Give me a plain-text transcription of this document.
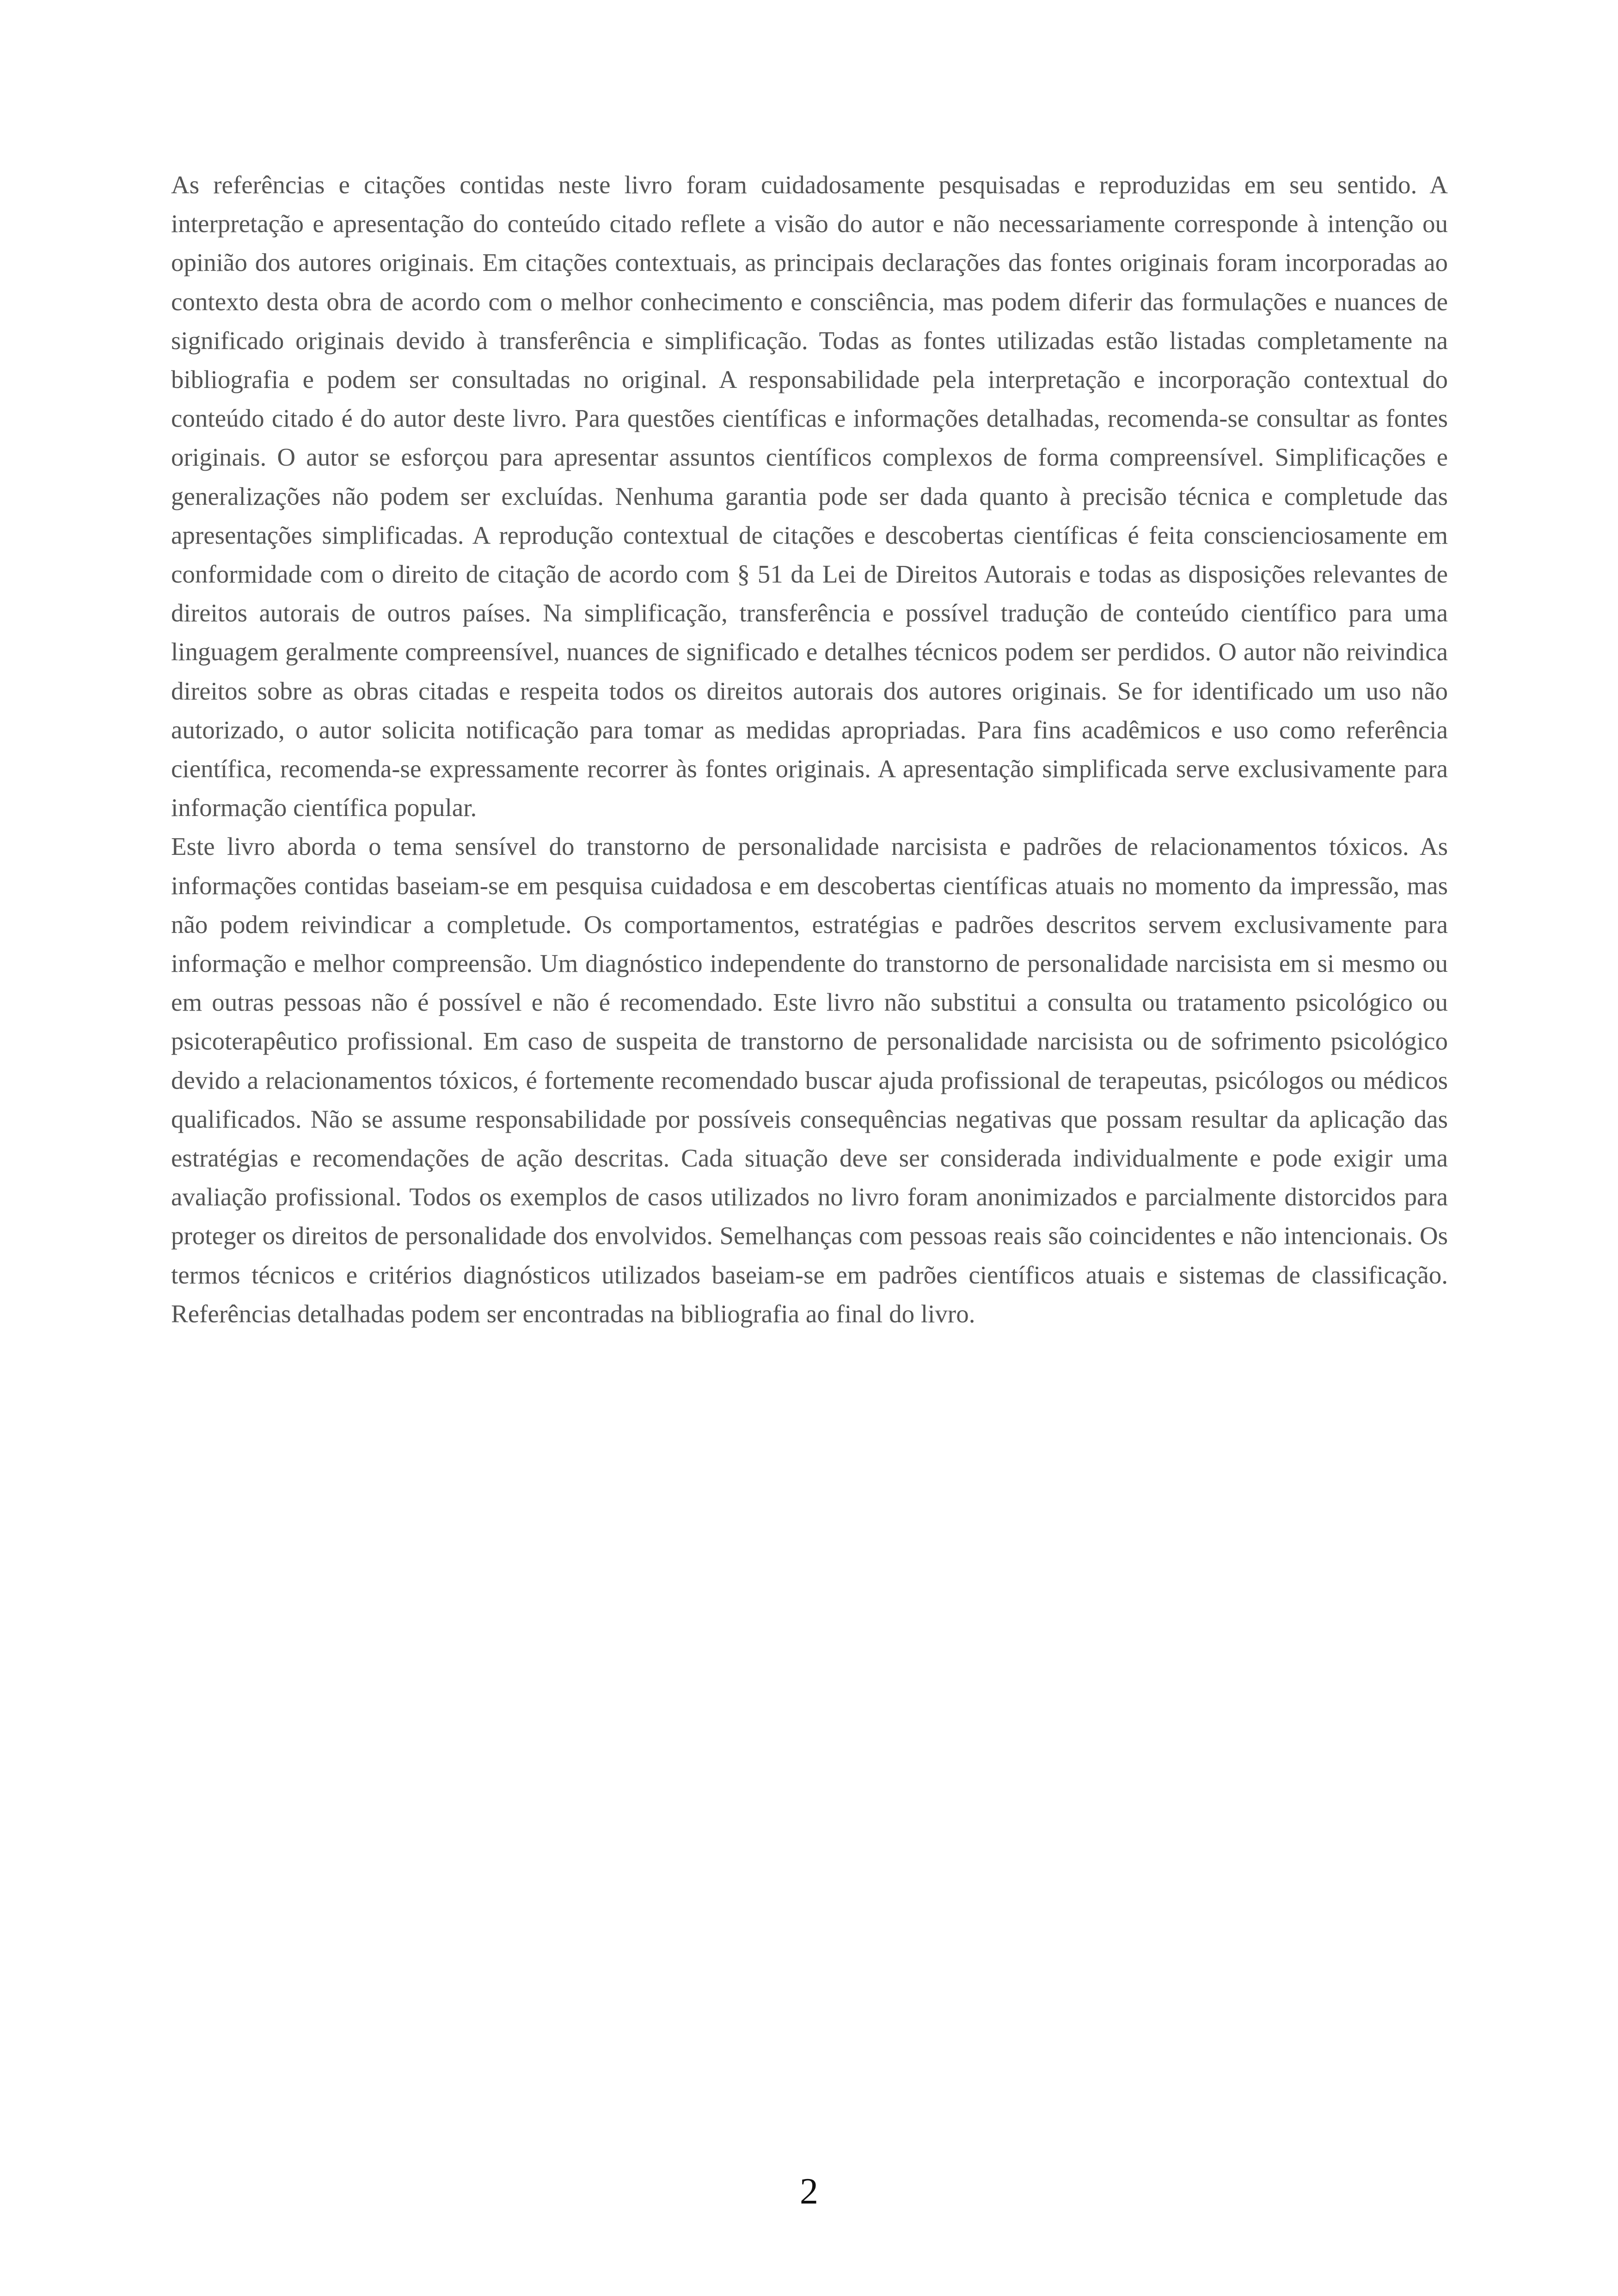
As referências e citações contidas neste livro foram cuidadosamente pesquisadas e reproduzidas em seu sentido. A interpretação e apresentação do conteúdo citado reflete a visão do autor e não necessariamente corresponde à intenção ou opinião dos autores originais. Em citações contextuais, as principais declarações das fontes originais foram incorporadas ao contexto desta obra de acordo com o melhor conhecimento e consciência, mas podem diferir das formulações e nuances de significado originais devido à transferência e simplificação. Todas as fontes utilizadas estão listadas completamente na bibliografia e podem ser consultadas no original. A responsabilidade pela interpretação e incorporação contextual do conteúdo citado é do autor deste livro. Para questões científicas e informações detalhadas, recomenda-se consultar as fontes originais. O autor se esforçou para apresentar assuntos científicos complexos de forma compreensível. Simplificações e generalizações não podem ser excluídas. Nenhuma garantia pode ser dada quanto à precisão técnica e completude das apresentações simplificadas. A reprodução contextual de citações e descobertas científicas é feita conscienciosamente em conformidade com o direito de citação de acordo com § 51 da Lei de Direitos Autorais e todas as disposições relevantes de direitos autorais de outros países. Na simplificação, transferência e possível tradução de conteúdo científico para uma linguagem geralmente compreensível, nuances de significado e detalhes técnicos podem ser perdidos. O autor não reivindica direitos sobre as obras citadas e respeita todos os direitos autorais dos autores originais. Se for identificado um uso não autorizado, o autor solicita notificação para tomar as medidas apropriadas. Para fins acadêmicos e uso como referência científica, recomenda-se expressamente recorrer às fontes originais. A apresentação simplificada serve exclusivamente para informação científica popular.

Este livro aborda o tema sensível do transtorno de personalidade narcisista e padrões de relacionamentos tóxicos. As informações contidas baseiam-se em pesquisa cuidadosa e em descobertas científicas atuais no momento da impressão, mas não podem reivindicar a completude. Os comportamentos, estratégias e padrões descritos servem exclusivamente para informação e melhor compreensão. Um diagnóstico independente do transtorno de personalidade narcisista em si mesmo ou em outras pessoas não é possível e não é recomendado. Este livro não substitui a consulta ou tratamento psicológico ou psicoterapêutico profissional. Em caso de suspeita de transtorno de personalidade narcisista ou de sofrimento psicológico devido a relacionamentos tóxicos, é fortemente recomendado buscar ajuda profissional de terapeutas, psicólogos ou médicos qualificados. Não se assume responsabilidade por possíveis consequências negativas que possam resultar da aplicação das estratégias e recomendações de ação descritas. Cada situação deve ser considerada individualmente e pode exigir uma avaliação profissional. Todos os exemplos de casos utilizados no livro foram anonimizados e parcialmente distorcidos para proteger os direitos de personalidade dos envolvidos. Semelhanças com pessoas reais são coincidentes e não intencionais. Os termos técnicos e critérios diagnósticos utilizados baseiam-se em padrões científicos atuais e sistemas de classificação. Referências detalhadas podem ser encontradas na bibliografia ao final do livro.

2
